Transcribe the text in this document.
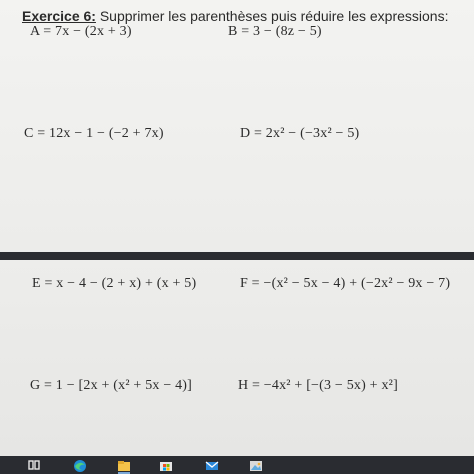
Exercice 6: Supprimer les parenthèses puis réduire les expressions:
A = 7x − (2x + 3)	B = 3 − (8z − 5)
C = 12x − 1 − (−2 + 7x)	D = 2x² − (−3x² − 5)
E = x − 4 − (2 + x) + (x + 5)	F = −(x² − 5x − 4) + (−2x² − 9x − 7)
G = 1 − [2x + (x² + 5x − 4)]	H = −4x² + [−(3 − 5x) + x²]
